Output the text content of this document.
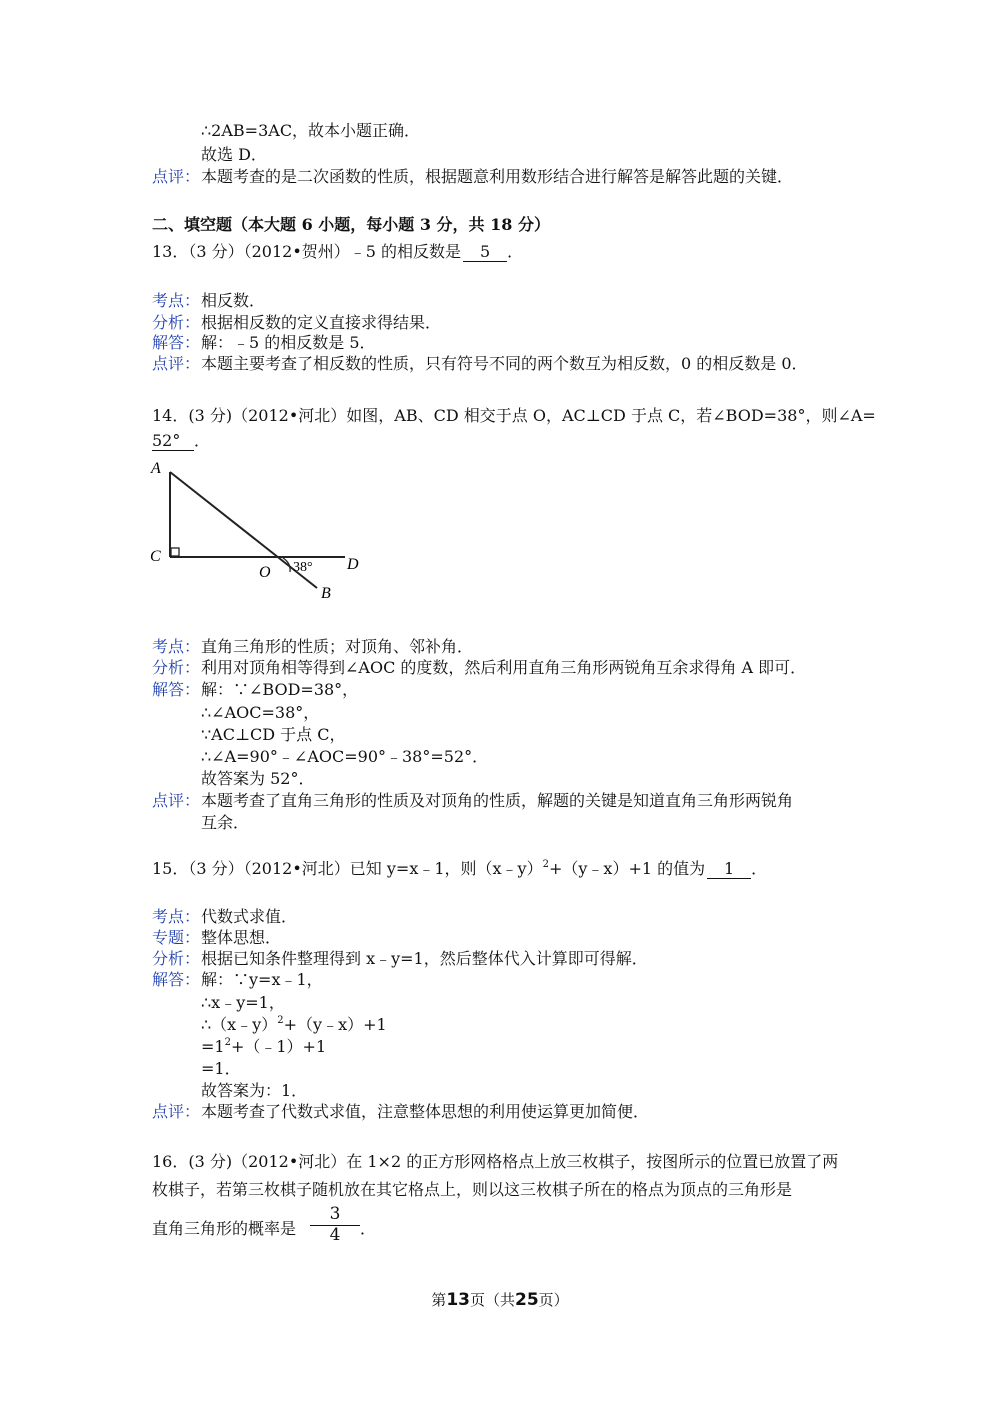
∴2AB=3AC，故本小题正确．
故选 D．
点评： 本题考查的是二次函数的性质，根据题意利用数形结合进行解答是解答此题的关键．
二、填空题（本大题 6 小题，每小题 3 分，共 18 分）
13．（3 分）（2012•贺州）﹣5 的相反数是 5 ．
考点： 相反数．
分析： 根据相反数的定义直接求得结果．
解答： 解：﹣5 的相反数是 5．
点评： 本题主要考查了相反数的性质，只有符号不同的两个数互为相反数，0 的相反数是 0．
14．(3 分)（2012•河北）如图，AB、CD 相交于点 O，AC⊥CD 于点 C，若∠BOD=38°，则∠A=
52° ．
A
C
O	D
B
38°
考点： 直角三角形的性质；对顶角、邻补角．
分析： 利用对顶角相等得到∠AOC 的度数，然后利用直角三角形两锐角互余求得角 A 即可．
解答： 解：∵∠BOD=38°，
∴∠AOC=38°，
∵AC⊥CD 于点 C，
∴∠A=90°﹣∠AOC=90°﹣38°=52°．
故答案为 52°．
点评： 本题考查了直角三角形的性质及对顶角的性质，解题的关键是知道直角三角形两锐角
互余．
15．（3 分）（2012•河北）已知 y=x﹣1，则（x﹣y）$^2$+（y﹣x）+1 的值为 1 ．
考点： 代数式求值．
专题： 整体思想．
分析： 根据已知条件整理得到 x﹣y=1，然后整体代入计算即可得解．
解答： 解：∵y=x﹣1，
∴x﹣y=1，
∴（x﹣y）$^2$+（y﹣x）+1
$=1^2+(﹣1)+1$
=1．
故答案为：1．
点评： 本题考查了代数式求值，注意整体思想的利用使运算更加简便．
16．(3 分)（2012•河北）在 1×2 的正方形网格格点上放三枚棋子，按图所示的位置已放置了两
枚棋子，若第三枚棋子随机放在其它格点上，则以这三枚棋子所在的格点为顶点的三角形是
直角三角形的概率是
3
4	．
第13页（共25页）
